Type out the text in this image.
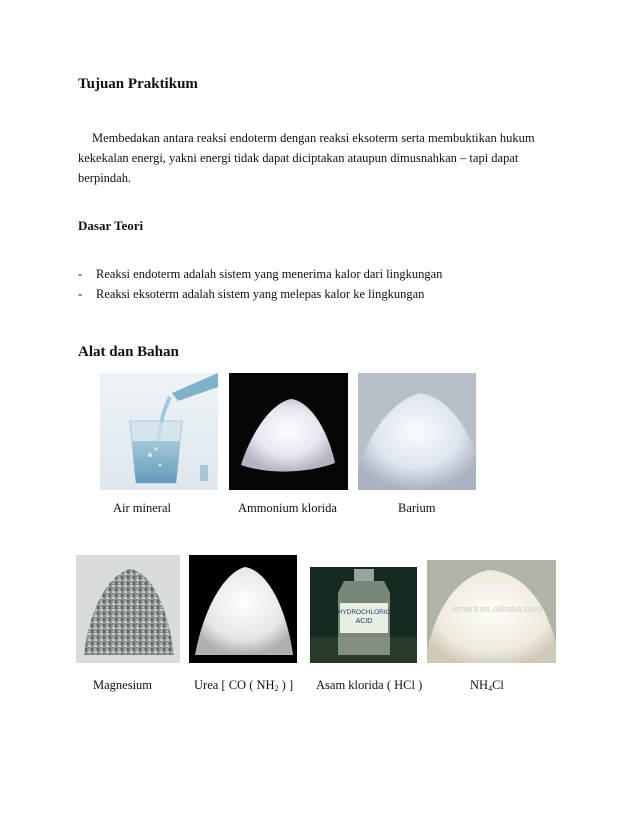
Tujuan Praktikum
Membedakan antara reaksi endoterm dengan reaksi eksoterm serta membuktikan hukum kekekalan energi, yakni energi tidak dapat diciptakan ataupun dimusnahkan – tapi dapat berpindah.
Dasar Teori
-	Reaksi endoterm adalah sistem yang menerima kalor dari lingkungan
-	Reaksi eksoterm adalah sistem yang melepas kalor ke lingkungan
Alat dan Bahan
Air mineral	Ammonium klorida	Barium
HYDROCHLORIC
ACID
ement.en.alibaba.com
Magnesium	Urea [ CO ( $NH_2$ ) ] Asam klorida ( HCl )	$NH_4Cl$
